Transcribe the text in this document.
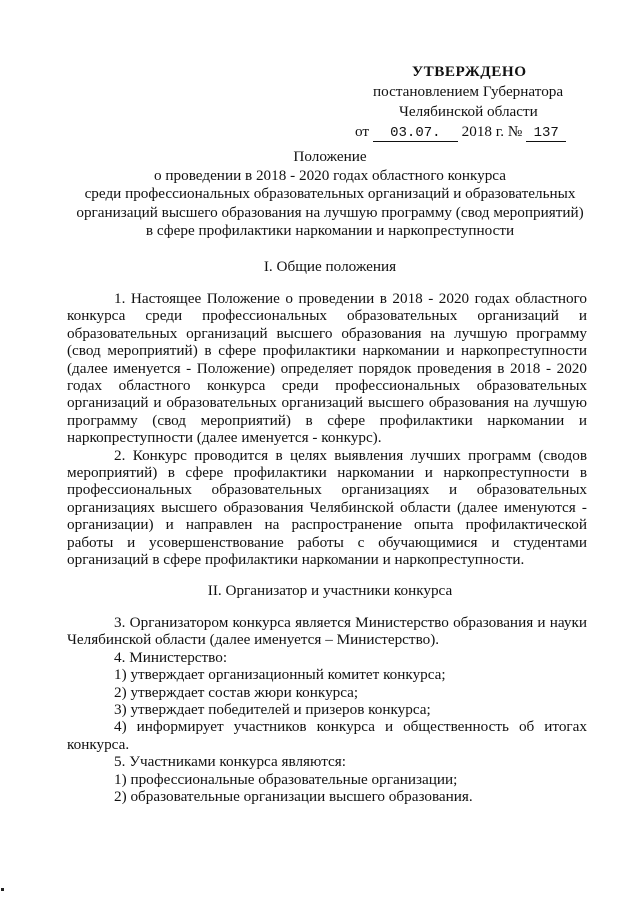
УТВЕРЖДЕНО
постановлением Губернатора
Челябинской области
от 03.07. 2018 г. № 137
Положение
о проведении в 2018 - 2020 годах областного конкурса
среди профессиональных образовательных организаций и образовательных
организаций высшего образования на лучшую программу (свод мероприятий)
в сфере профилактики наркомании и наркопреступности
I. Общие положения

1. Настоящее Положение о проведении в 2018 - 2020 годах областного конкурса среди профессиональных образовательных организаций и образовательных организаций высшего образования на лучшую программу (свод мероприятий) в сфере профилактики наркомании и наркопреступности (далее именуется - Положение) определяет порядок проведения в 2018 - 2020 годах областного конкурса среди профессиональных образовательных организаций и образовательных организаций высшего образования на лучшую программу (свод мероприятий) в сфере профилактики наркомании и наркопреступности (далее именуется - конкурс).

2. Конкурс проводится в целях выявления лучших программ (сводов мероприятий) в сфере профилактики наркомании и наркопреступности в профессиональных образовательных организациях и образовательных организациях высшего образования Челябинской области (далее именуются - организации) и направлен на распространение опыта профилактической работы и усовершенствование работы с обучающимися и студентами организаций в сфере профилактики наркомании и наркопреступности.

II. Организатор и участники конкурса

3. Организатором конкурса является Министерство образования и науки Челябинской области (далее именуется – Министерство).

4. Министерство:

1) утверждает организационный комитет конкурса;

2) утверждает состав жюри конкурса;

3) утверждает победителей и призеров конкурса;

4) информирует участников конкурса и общественность об итогах конкурса.

5. Участниками конкурса являются:

1) профессиональные образовательные организации;

2) образовательные организации высшего образования.
